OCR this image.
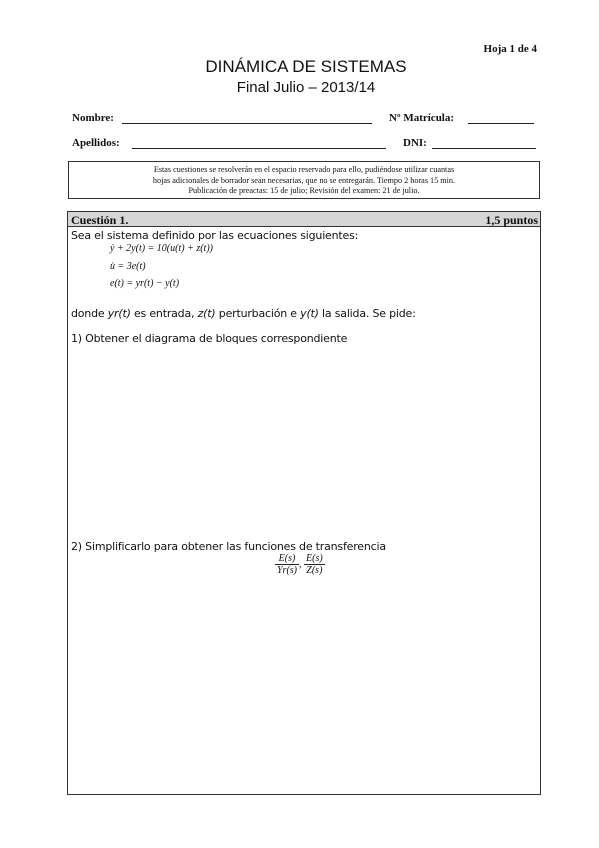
Hoja 1 de 4
DINÁMICA DE SISTEMAS
Final Julio – 2013/14
Nombre:	Nº Matrícula:
Apellidos:	DNI:
Estas cuestiones se resolverán en el espacio reservado para ello, pudiéndose utilizar cuantas
hojas adicionales de borrador sean necesarias, que no se entregarán. Tiempo 2 horas 15 min.
Publicación de preactas: 15 de julio; Revisión del examen: 21 de julio.
Cuestión 1.	1,5 puntos
Sea el sistema definido por las ecuaciones siguientes:
ẏ + 2y(t) = 10(u(t) + z(t))
u̇ = 3e(t)
e(t) = yr(t) − y(t)
donde yr(t) es entrada, z(t) perturbación e y(t) la salida. Se pide:
1) Obtener el diagrama de bloques correspondiente
2) Simplificarlo para obtener las funciones de transferencia
$\frac{E(s)}{Yr(s)}$ , $\frac{E(s)}{Z(s)}$
